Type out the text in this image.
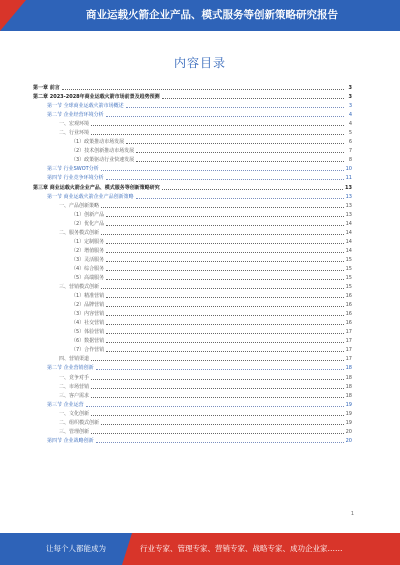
商业运载火箭企业产品、模式服务等创新策略研究报告
内容目录
第一章 前言	3
第二章 2023-2028年商业运载火箭市场前景及趋势预测	3
第一节 全球商业运载火箭市场概述	3
第二节 企业经营环境分析	4
一、宏观环境	4
二、行业环境	5
（1）政策推动市场发展	6
（2）技术创新推动市场发展	7
（3）政策驱动行业快速发展	8
第三节 行业SWOT分析	10
第四节 行业竞争环境分析	11
第三章 商业运载火箭企业产品、模式服务等创新策略研究	13
第一节 商业运载火箭企业产品创新策略	13
一、产品创新策略	13
（1）创新产品	13
（2）优化产品	14
二、服务模式创新	14
（1）定制服务	14
（2）增值服务	14
（3）灵活服务	15
（4）综合服务	15
（5）高端服务	15
三、营销模式创新	15
（1）精准营销	16
（2）品牌营销	16
（3）内容营销	16
（4）社交营销	16
（5）体验营销	17
（6）数据营销	17
（7）合作营销	17
四、营销渠道	17
第二节 企业营销创新	18
一、竞争对手	18
二、市场营销	18
三、客户需求	18
第三节 企业运营	19
一、文化创新	19
二、组织模式创新	19
三、管理创新	20
第四节 企业战略创新	20
1
让每个人都能成为	行业专家、管理专家、营销专家、战略专家、成功企业家……
